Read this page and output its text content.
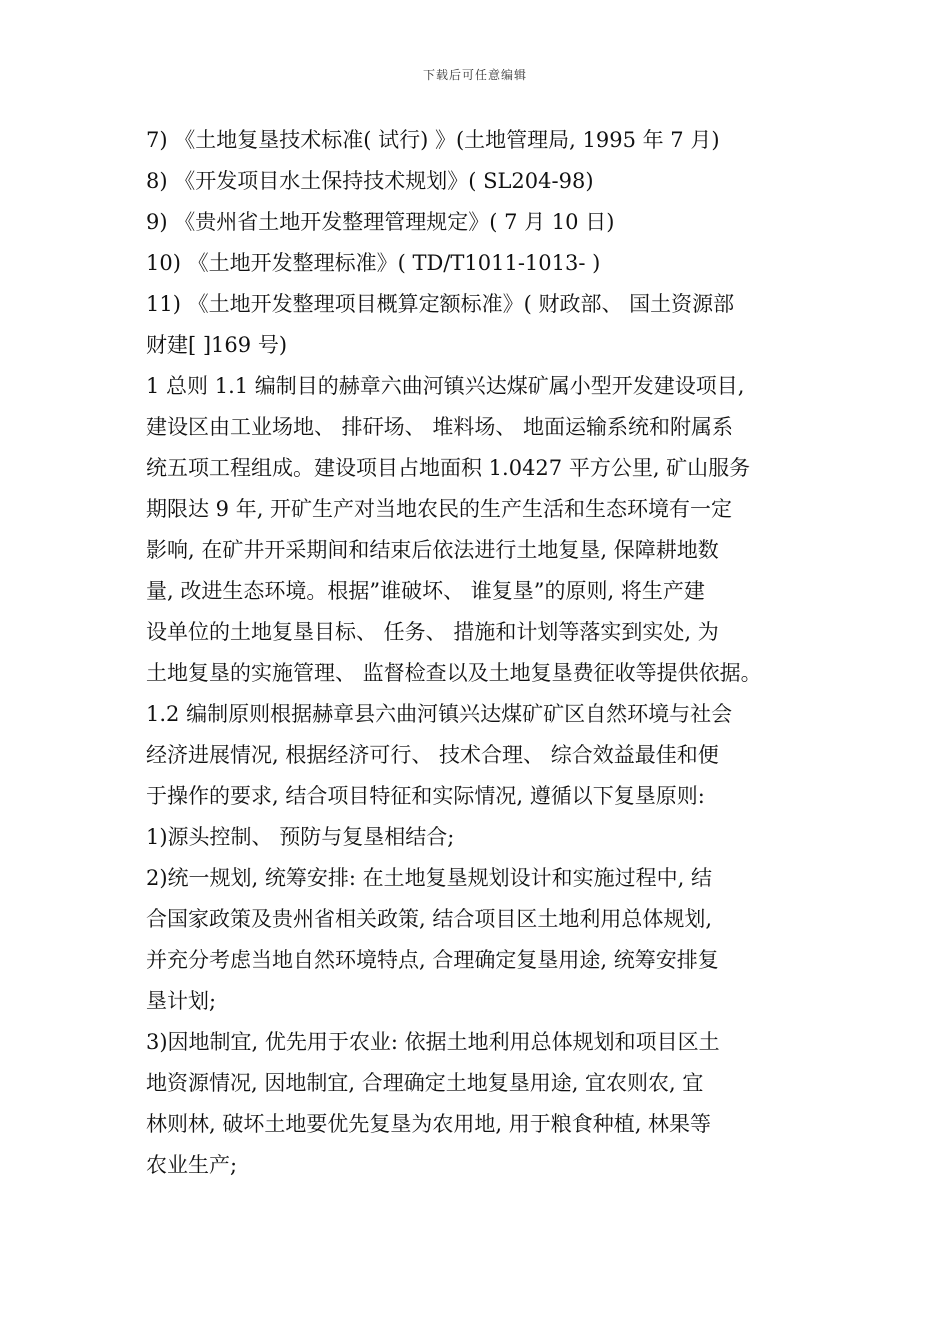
下载后可任意编辑
7) 《土地复垦技术标准( 试行) 》(土地管理局, 1995 年 7 月)
8) 《开发项目水土保持技术规划》( SL204-98)
9) 《贵州省土地开发整理管理规定》( 7 月 10 日)
10) 《土地开发整理标准》( TD/T1011-1013- )
11) 《土地开发整理项目概算定额标准》( 财政部、 国土资源部
财建[ ]169 号)
1 总则 1.1 编制目的赫章六曲河镇兴达煤矿属小型开发建设项目,
建设区由工业场地、 排矸场、 堆料场、 地面运输系统和附属系
统五项工程组成。建设项目占地面积 1.0427 平方公里, 矿山服务
期限达 9 年, 开矿生产对当地农民的生产生活和生态环境有一定
影响, 在矿井开采期间和结束后依法进行土地复垦, 保障耕地数
量, 改进生态环境。根据”谁破坏、 谁复垦”的原则, 将生产建
设单位的土地复垦目标、 任务、 措施和计划等落实到实处, 为
土地复垦的实施管理、 监督检查以及土地复垦费征收等提供依据。
1.2 编制原则根据赫章县六曲河镇兴达煤矿矿区自然环境与社会
经济进展情况, 根据经济可行、 技术合理、 综合效益最佳和便
于操作的要求, 结合项目特征和实际情况, 遵循以下复垦原则:
1)源头控制、 预防与复垦相结合;
2)统一规划, 统筹安排: 在土地复垦规划设计和实施过程中, 结
合国家政策及贵州省相关政策, 结合项目区土地利用总体规划,
并充分考虑当地自然环境特点, 合理确定复垦用途, 统筹安排复
垦计划;
3)因地制宜, 优先用于农业: 依据土地利用总体规划和项目区土
地资源情况, 因地制宜, 合理确定土地复垦用途, 宜农则农, 宜
林则林, 破坏土地要优先复垦为农用地, 用于粮食种植, 林果等
农业生产;
